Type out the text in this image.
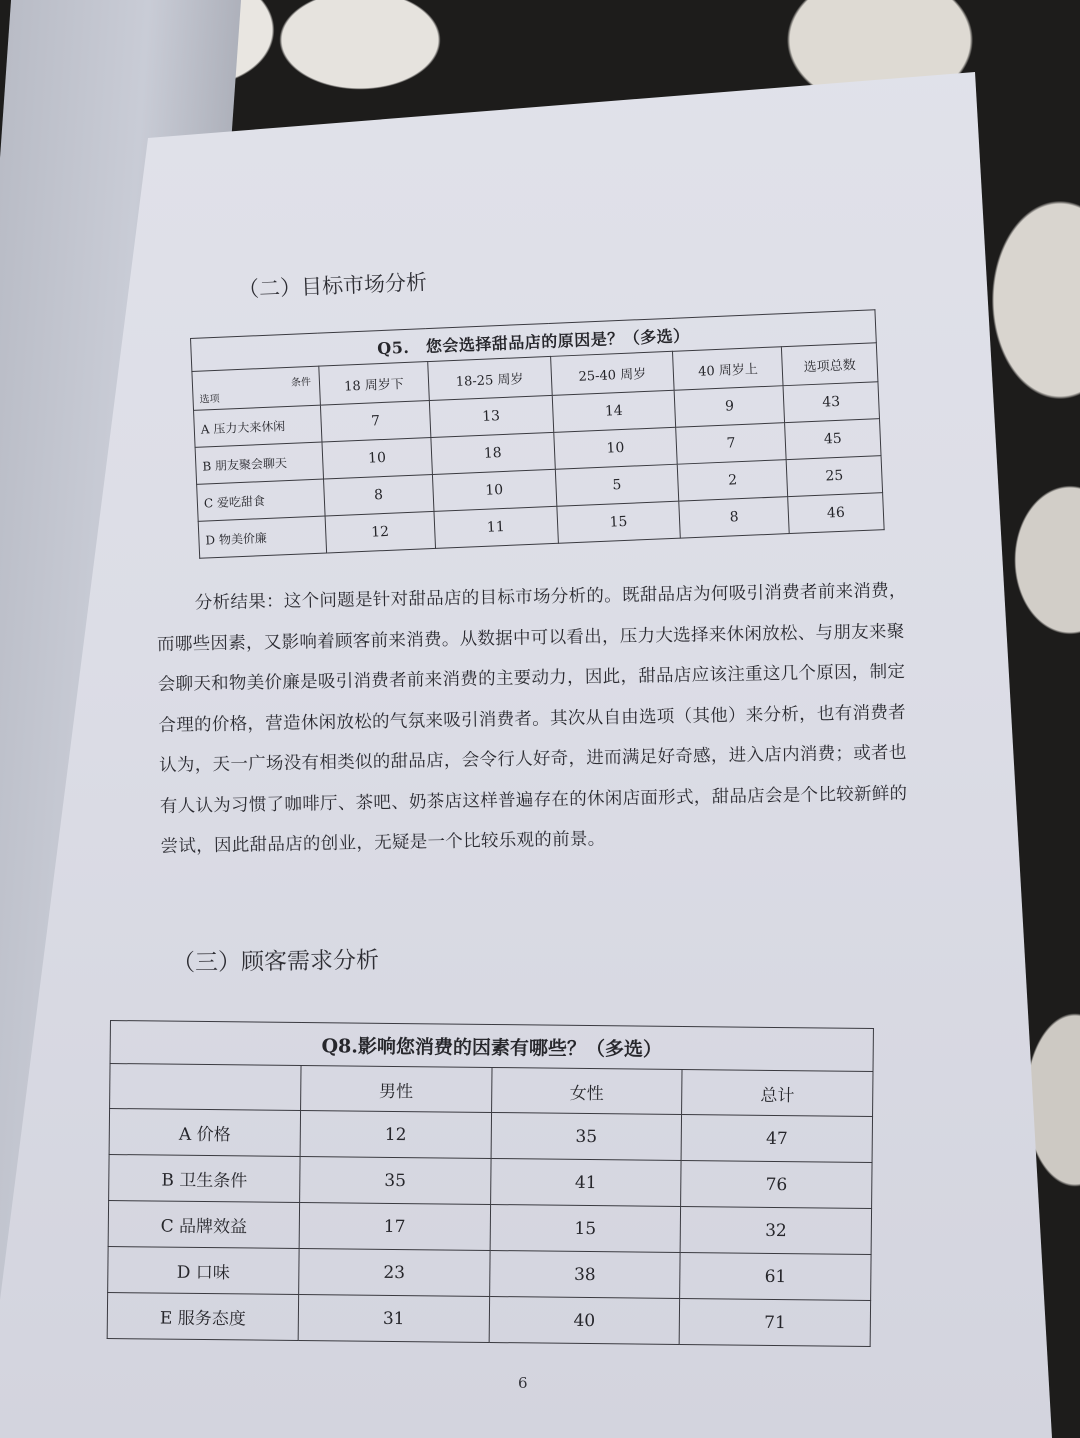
（二）目标市场分析
Q5.　您会选择甜品店的原因是？（多选）					

选项
条件	18 周岁下	18-25 周岁	25-40 周岁	40 周岁上	选项总数
A 压力大来休闲	7	13	14	9	43
B 朋友聚会聊天	10	18	10	7	45
C 爱吃甜食	8	10	5	2	25
D 物美价廉	12	11	15	8	46
分析结果：这个问题是针对甜品店的目标市场分析的。既甜品店为何吸引消费者前来消费，而哪些因素，又影响着顾客前来消费。从数据中可以看出，压力大选择来休闲放松、与朋友来聚会聊天和物美价廉是吸引消费者前来消费的主要动力，因此，甜品店应该注重这几个原因，制定合理的价格，营造休闲放松的气氛来吸引消费者。其次从自由选项（其他）来分析，也有消费者认为，天一广场没有相类似的甜品店，会令行人好奇，进而满足好奇感，进入店内消费；或者也有人认为习惯了咖啡厅、茶吧、奶茶店这样普遍存在的休闲店面形式，甜品店会是个比较新鲜的尝试，因此甜品店的创业，无疑是一个比较乐观的前景。
（三）顾客需求分析
Q8.影响您消费的因素有哪些？（多选）			
	男性	女性	总计
A 价格	12	35	47
B 卫生条件	35	41	76
C 品牌效益	17	15	32
D 口味	23	38	61
E 服务态度	31	40	71
6
